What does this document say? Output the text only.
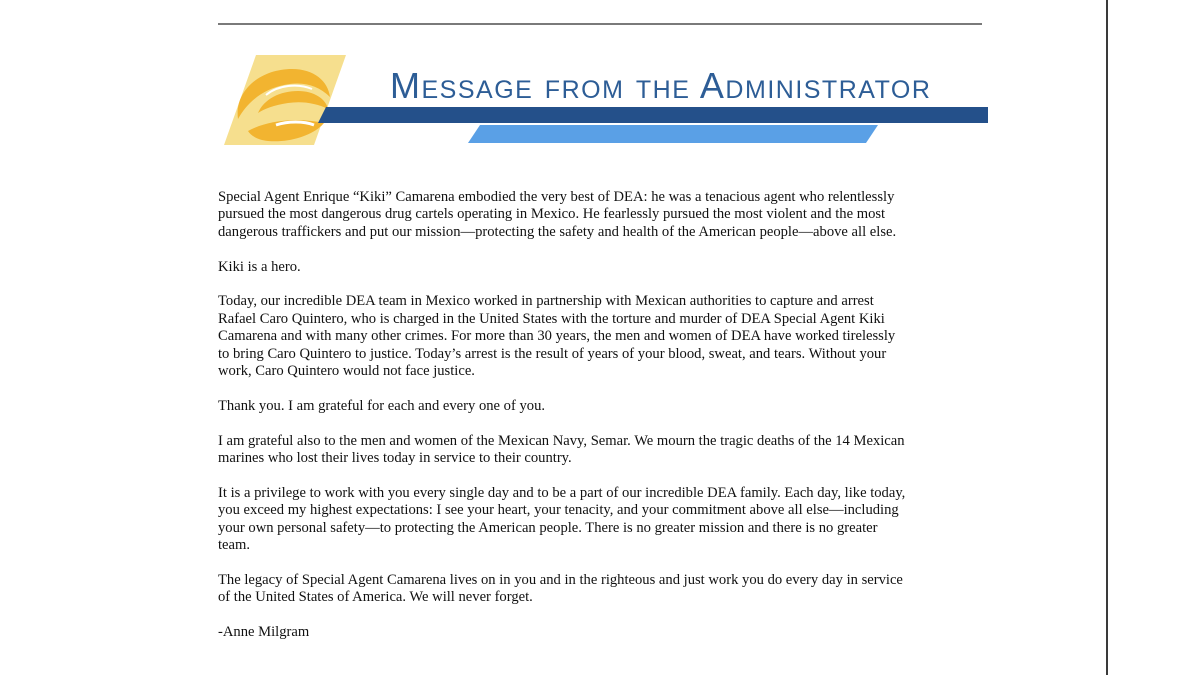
Message from the Administrator

Special Agent Enrique “Kiki” Camarena embodied the very best of DEA: he was a tenacious agent who relentlessly
pursued the most dangerous drug cartels operating in Mexico. He fearlessly pursued the most violent and the most
dangerous traffickers and put our mission—protecting the safety and health of the American people—above all else.

Kiki is a hero.

Today, our incredible DEA team in Mexico worked in partnership with Mexican authorities to capture and arrest
Rafael Caro Quintero, who is charged in the United States with the torture and murder of DEA Special Agent Kiki
Camarena and with many other crimes. For more than 30 years, the men and women of DEA have worked tirelessly
to bring Caro Quintero to justice. Today’s arrest is the result of years of your blood, sweat, and tears. Without your
work, Caro Quintero would not face justice.

Thank you. I am grateful for each and every one of you.

I am grateful also to the men and women of the Mexican Navy, Semar. We mourn the tragic deaths of the 14 Mexican
marines who lost their lives today in service to their country.

It is a privilege to work with you every single day and to be a part of our incredible DEA family. Each day, like today,
you exceed my highest expectations: I see your heart, your tenacity, and your commitment above all else—including
your own personal safety—to protecting the American people. There is no greater mission and there is no greater
team.

The legacy of Special Agent Camarena lives on in you and in the righteous and just work you do every day in service
of the United States of America. We will never forget.

-Anne Milgram
